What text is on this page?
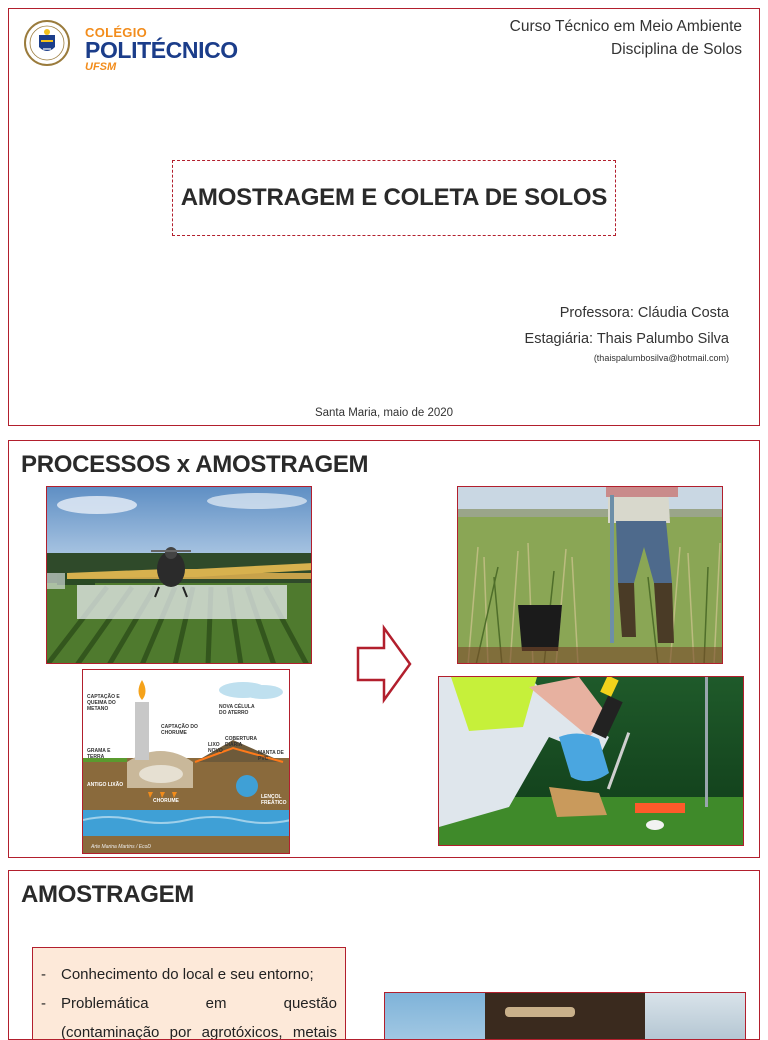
COLÉGIO
POLITÉCNICO
UFSM
Curso Técnico em Meio Ambiente
Disciplina de Solos
AMOSTRAGEM E COLETA DE SOLOS
Professora: Cláudia Costa
Estagiária: Thais Palumbo Silva
(thaispalumbosilva@hotmail.com)
Santa Maria, maio de 2020
PROCESSOS x AMOSTRAGEM
CAPTAÇÃO E QUEIMA DO METANO	NOVA CÉLULA DO ATERRO
CAPTAÇÃO DO CHORUME
COBERTURA DIÁRIA
LIXO NOVO	MANTA DE PVC
GRAMA E TERRA
ANTIGO LIXÃO
CHORUME
LENÇOL FREÁTICO
Arte Marina Martins / EcoD
AMOSTRAGEM
-	Conhecimento do local e seu entorno;
-	Problemática em questão
(contaminação por agrotóxicos, metais
